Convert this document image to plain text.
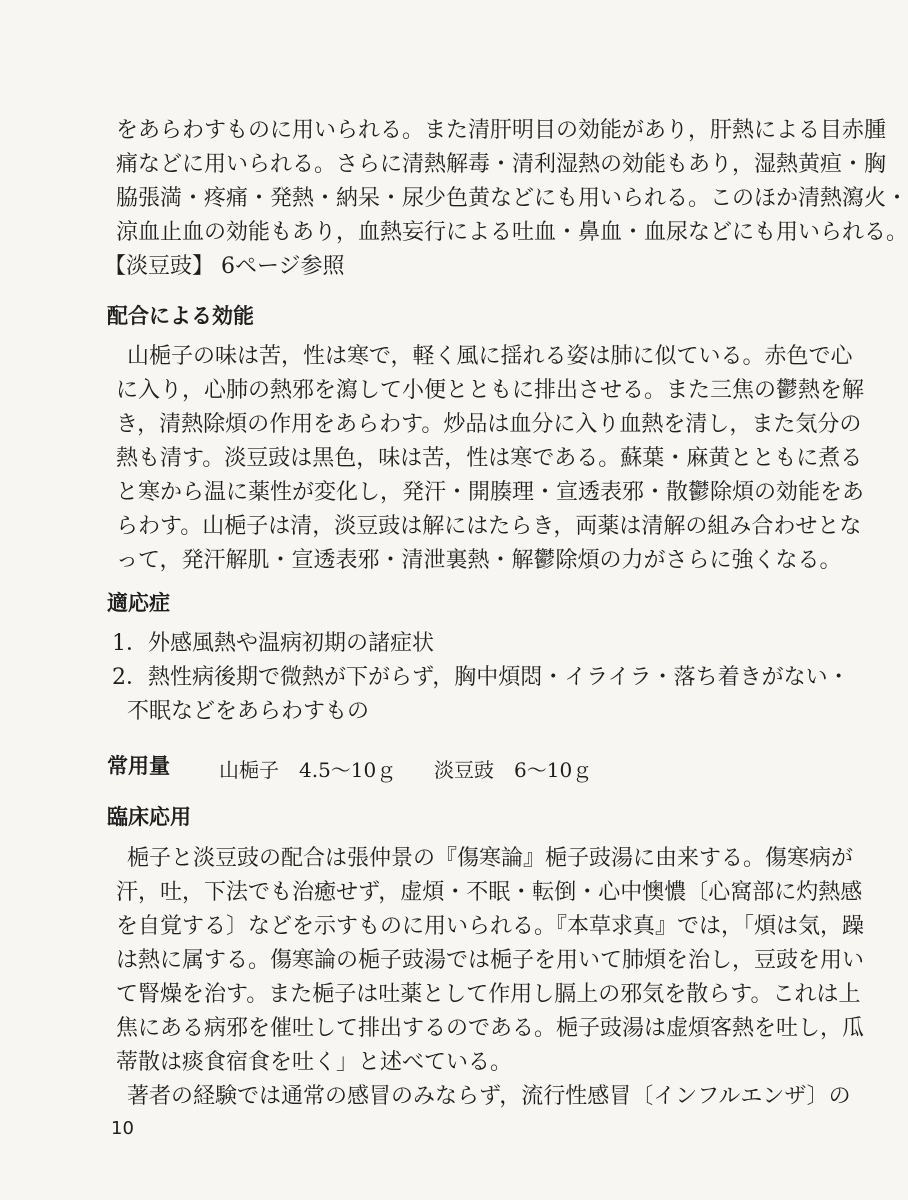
をあらわすものに用いられる。また清肝明目の効能があり，肝熱による目赤腫
痛などに用いられる。さらに清熱解毒・清利湿熱の効能もあり，湿熱黄疸・胸
脇張満・疼痛・発熱・納呆・尿少色黄などにも用いられる。このほか清熱瀉火・
涼血止血の効能もあり，血熱妄行による吐血・鼻血・血尿などにも用いられる。
【淡豆豉】 6ページ参照
配合による効能
山梔子の味は苦，性は寒で，軽く風に揺れる姿は肺に似ている。赤色で心
に入り，心肺の熱邪を瀉して小便とともに排出させる。また三焦の鬱熱を解
き，清熱除煩の作用をあらわす。炒品は血分に入り血熱を清し，また気分の
熱も清す。淡豆豉は黒色，味は苦，性は寒である。蘇葉・麻黄とともに煮る
と寒から温に薬性が変化し，発汗・開腠理・宣透表邪・散鬱除煩の効能をあ
らわす。山梔子は清，淡豆豉は解にはたらき，両薬は清解の組み合わせとな
って，発汗解肌・宣透表邪・清泄裏熱・解鬱除煩の力がさらに強くなる。
適応症
1．外感風熱や温病初期の諸症状
2．熱性病後期で微熱が下がらず，胸中煩悶・イライラ・落ち着きがない・
不眠などをあらわすもの
常用量 山梔子　4.5～10ｇ 淡豆豉　6～10ｇ
臨床応用
梔子と淡豆豉の配合は張仲景の『傷寒論』梔子豉湯に由来する。傷寒病が
汗，吐，下法でも治癒せず，虚煩・不眠・転倒・心中懊憹〔心窩部に灼熱感
を自覚する〕などを示すものに用いられる。『本草求真』では，「煩は気，躁
は熱に属する。傷寒論の梔子豉湯では梔子を用いて肺煩を治し，豆豉を用い
て腎燥を治す。また梔子は吐薬として作用し膈上の邪気を散らす。これは上
焦にある病邪を催吐して排出するのである。梔子豉湯は虚煩客熱を吐し，瓜
蒂散は痰食宿食を吐く」と述べている。
著者の経験では通常の感冒のみならず，流行性感冒〔インフルエンザ〕の
10
